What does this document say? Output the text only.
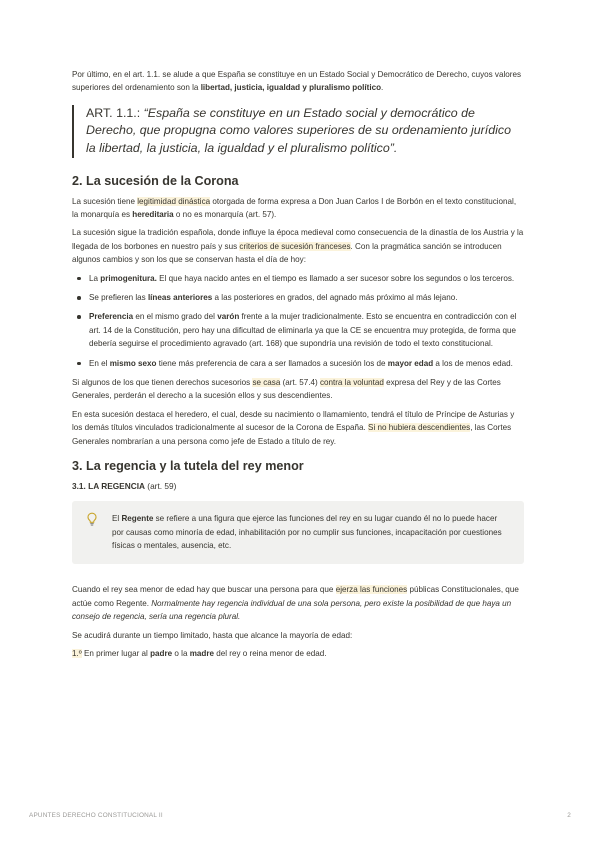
Por último, en el art. 1.1. se alude a que España se constituye en un Estado Social y Democrático de Derecho, cuyos valores superiores del ordenamiento son la libertad, justicia, igualdad y pluralismo político.

ART. 1.1.: “España se constituye en un Estado social y democrático de Derecho, que propugna como valores superiores de su ordenamiento jurídico la libertad, la justicia, la igualdad y el pluralismo político”.
2. La sucesión de la Corona

La sucesión tiene legitimidad dinástica otorgada de forma expresa a Don Juan Carlos I de Borbón en el texto constitucional, la monarquía es hereditaria o no es monarquía (art. 57).

La sucesión sigue la tradición española, donde influye la época medieval como consecuencia de la dinastía de los Austria y la llegada de los borbones en nuestro país y sus criterios de sucesión franceses. Con la pragmática sanción se introducen algunos cambios y son los que se conservan hasta el día de hoy:

La primogenitura. El que haya nacido antes en el tiempo es llamado a ser sucesor sobre los segundos o los terceros.
Se prefieren las líneas anteriores a las posteriores en grados, del agnado más próximo al más lejano.
Preferencia en el mismo grado del varón frente a la mujer tradicionalmente. Esto se encuentra en contradicción con el art. 14 de la Constitución, pero hay una dificultad de eliminarla ya que la CE se encuentra muy protegida, de forma que debería seguirse el procedimiento agravado (art. 168) que supondría una revisión de todo el texto constitucional.
En el mismo sexo tiene más preferencia de cara a ser llamados a sucesión los de mayor edad a los de menos edad.

Si algunos de los que tienen derechos sucesorios se casa (art. 57.4) contra la voluntad expresa del Rey y de las Cortes Generales, perderán el derecho a la sucesión ellos y sus descendientes.

En esta sucesión destaca el heredero, el cual, desde su nacimiento o llamamiento, tendrá el título de Príncipe de Asturias y los demás títulos vinculados tradicionalmente al sucesor de la Corona de España. Si no hubiera descendientes, las Cortes Generales nombrarían a una persona como jefe de Estado a título de rey.

3. La regencia y la tutela del rey menor
3.1. LA REGENCIA (art. 59)

El Regente se refiere a una figura que ejerce las funciones del rey en su lugar cuando él no lo puede hacer por causas como minoría de edad, inhabilitación por no cumplir sus funciones, incapacitación por cuestiones físicas o mentales, ausencia, etc.

Cuando el rey sea menor de edad hay que buscar una persona para que ejerza las funciones públicas Constitucionales, que actúe como Regente. Normalmente hay regencia individual de una sola persona, pero existe la posibilidad de que haya un consejo de regencia, sería una regencia plural.

Se acudirá durante un tiempo limitado, hasta que alcance la mayoría de edad:

1.º En primer lugar al padre o la madre del rey o reina menor de edad.

APUNTES DERECHO CONSTITUCIONAL II	2
